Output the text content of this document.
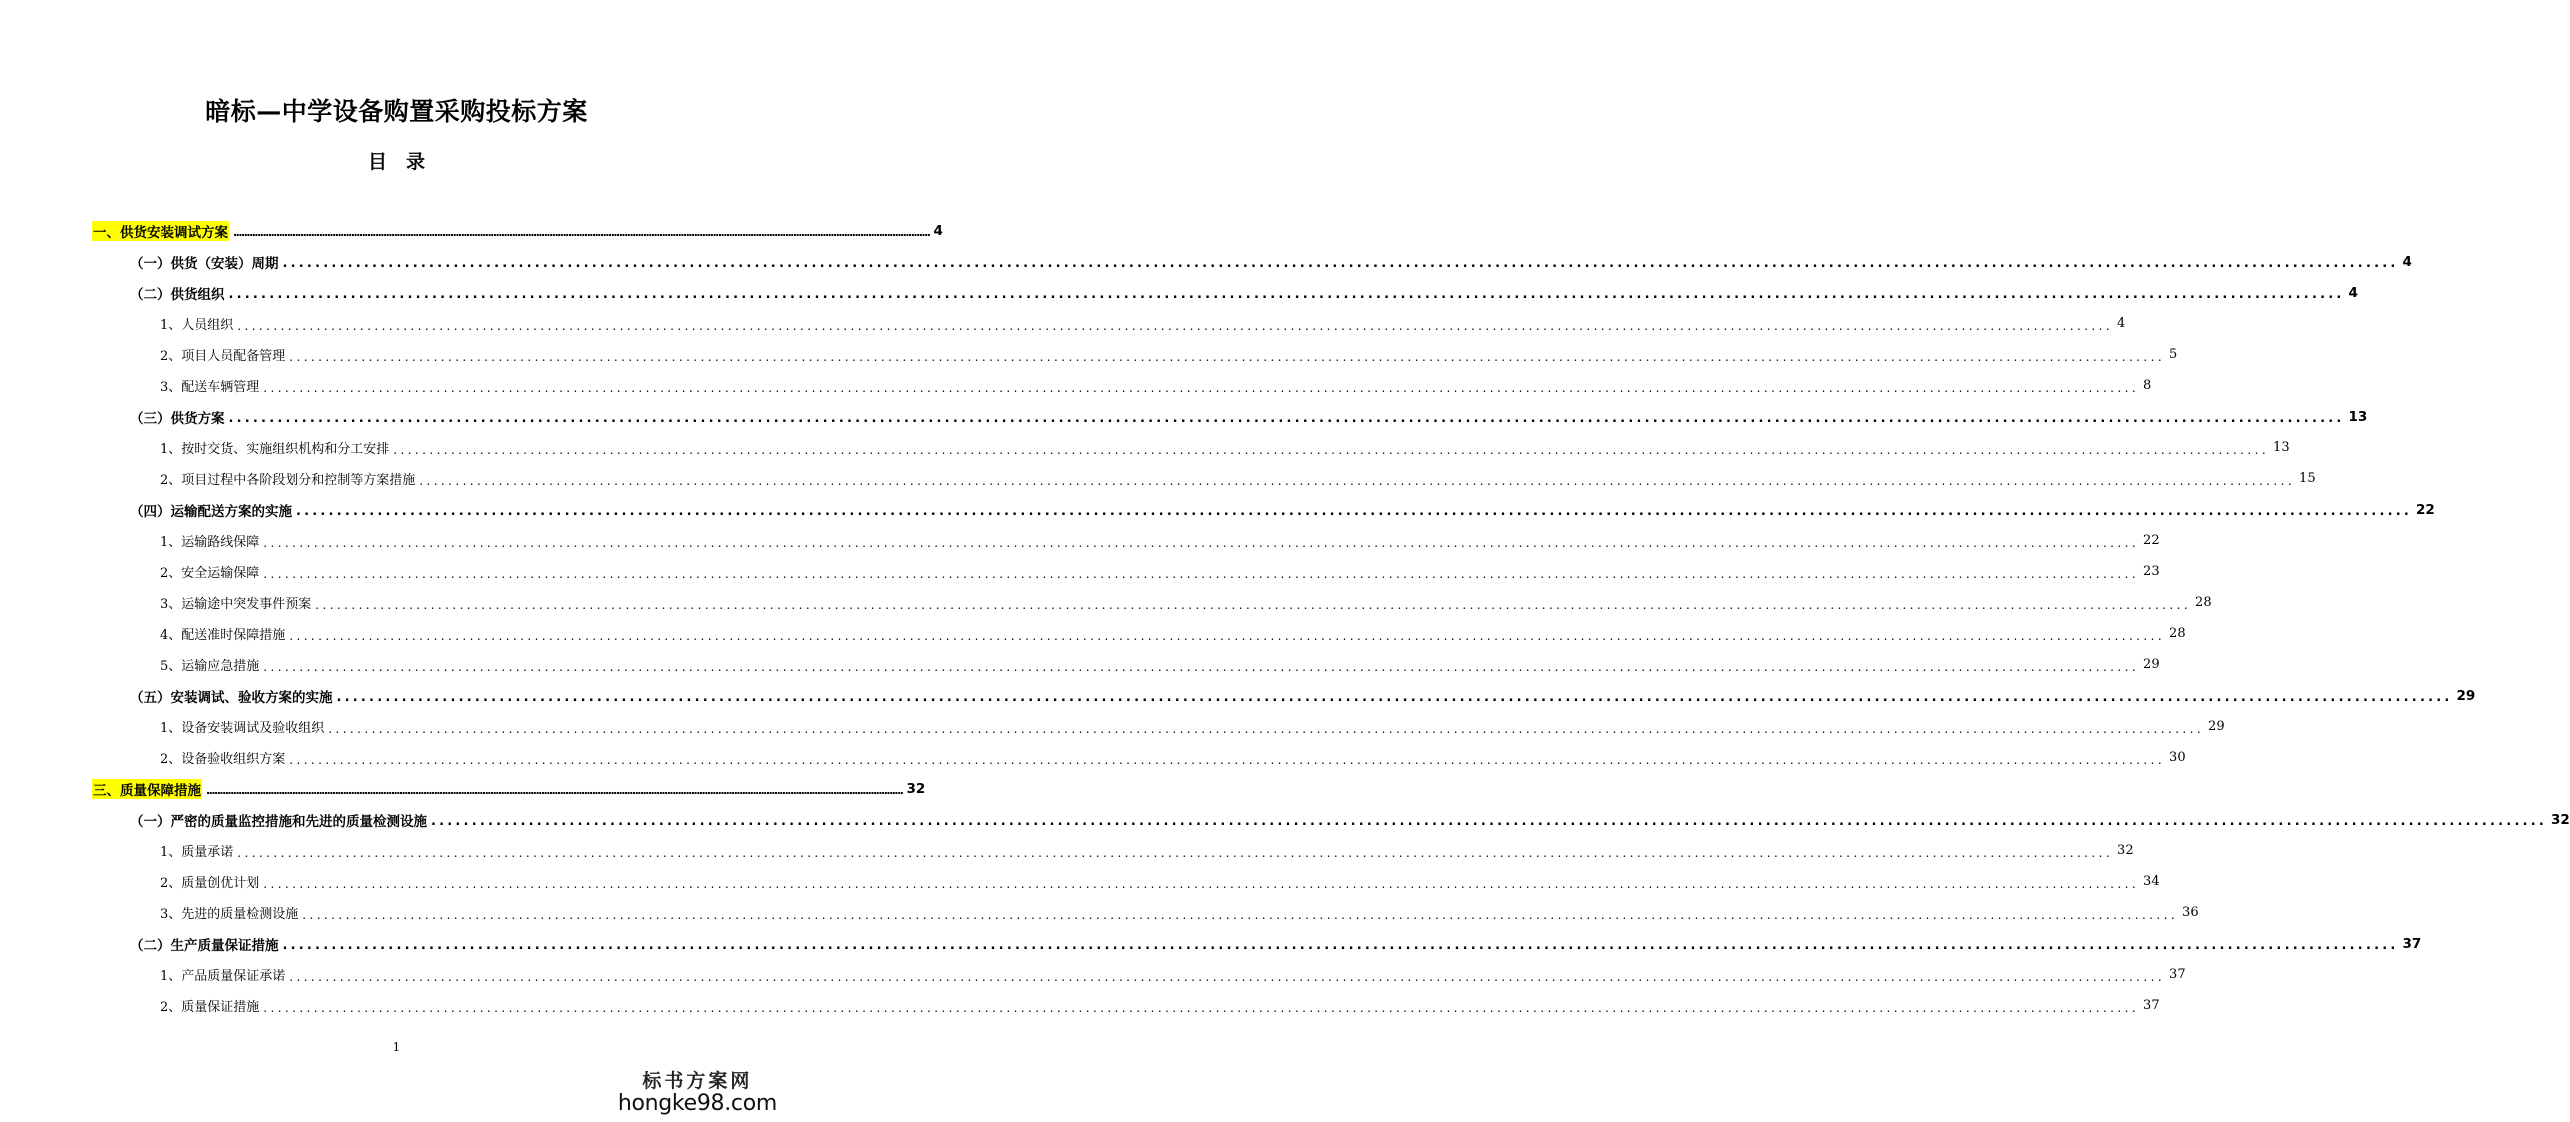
暗标—中学设备购置采购投标方案
目　录
一、供货安装调试方案 .................................................................................................................................................................................................................................................................... 4
（一）供货（安装）周期 .................................................................................................................................................................................................................................................................... 4
（二）供货组织 .................................................................................................................................................................................................................................................................... 4
1、人员组织 .................................................................................................................................................................................................................................................................... 4
2、项目人员配备管理 .................................................................................................................................................................................................................................................................... 5
3、配送车辆管理 .................................................................................................................................................................................................................................................................... 8
（三）供货方案 .................................................................................................................................................................................................................................................................... 13
1、按时交货、实施组织机构和分工安排 .................................................................................................................................................................................................................................................................... 13
2、项目过程中各阶段划分和控制等方案措施 .................................................................................................................................................................................................................................................................... 15
（四）运输配送方案的实施 .................................................................................................................................................................................................................................................................... 22
1、运输路线保障 .................................................................................................................................................................................................................................................................... 22
2、安全运输保障 .................................................................................................................................................................................................................................................................... 23
3、运输途中突发事件预案 .................................................................................................................................................................................................................................................................... 28
4、配送准时保障措施 .................................................................................................................................................................................................................................................................... 28
5、运输应急措施 .................................................................................................................................................................................................................................................................... 29
（五）安装调试、验收方案的实施 .................................................................................................................................................................................................................................................................... 29
1、设备安装调试及验收组织 .................................................................................................................................................................................................................................................................... 29
2、设备验收组织方案 .................................................................................................................................................................................................................................................................... 30
三、质量保障措施 .................................................................................................................................................................................................................................................................... 32
（一）严密的质量监控措施和先进的质量检测设施 .................................................................................................................................................................................................................................................................... 32
1、质量承诺 .................................................................................................................................................................................................................................................................... 32
2、质量创优计划 .................................................................................................................................................................................................................................................................... 34
3、先进的质量检测设施 .................................................................................................................................................................................................................................................................... 36
（二）生产质量保证措施 .................................................................................................................................................................................................................................................................... 37
1、产品质量保证承诺 .................................................................................................................................................................................................................................................................... 37
2、质量保证措施 .................................................................................................................................................................................................................................................................... 37
1
标书方案网
hongke98.com
